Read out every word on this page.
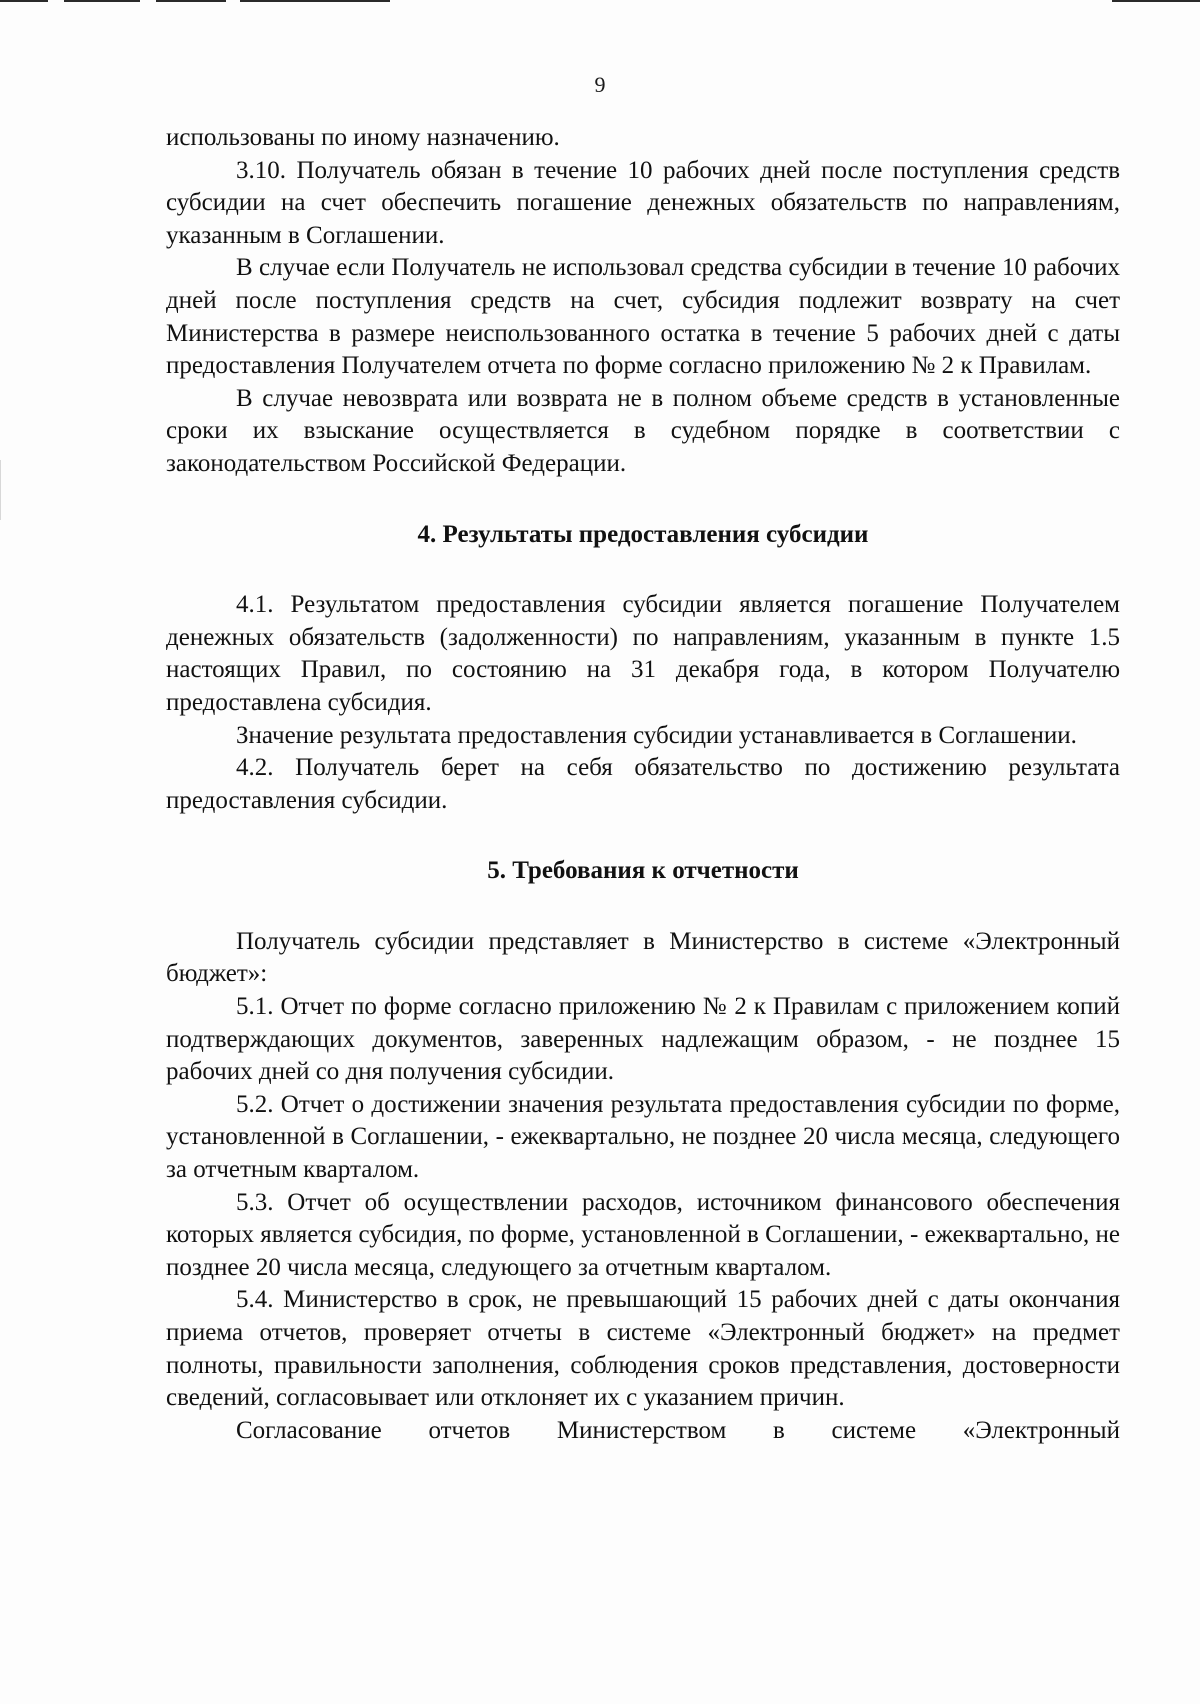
9

использованы по иному назначению.

3.10. Получатель обязан в течение 10 рабочих дней после поступления средств субсидии на счет обеспечить погашение денежных обязательств по направлениям, указанным в Соглашении.

В случае если Получатель не использовал средства субсидии в течение 10 рабочих дней после поступления средств на счет, субсидия подлежит возврату на счет Министерства в размере неиспользованного остатка в течение 5 рабочих дней с даты предоставления Получателем отчета по форме согласно приложению № 2 к Правилам.

В случае невозврата или возврата не в полном объеме средств в установленные сроки их взыскание осуществляется в судебном порядке в соответствии с законодательством Российской Федерации.

4. Результаты предоставления субсидии

4.1. Результатом предоставления субсидии является погашение Получателем денежных обязательств (задолженности) по направлениям, указанным в пункте 1.5 настоящих Правил, по состоянию на 31 декабря года, в котором Получателю предоставлена субсидия.

Значение результата предоставления субсидии устанавливается в Соглашении.

4.2. Получатель берет на себя обязательство по достижению результата предоставления субсидии.

5. Требования к отчетности

Получатель субсидии представляет в Министерство в системе «Электронный бюджет»:

5.1. Отчет по форме согласно приложению № 2 к Правилам с приложением копий подтверждающих документов, заверенных надлежащим образом, - не позднее 15 рабочих дней со дня получения субсидии.

5.2. Отчет о достижении значения результата предоставления субсидии по форме, установленной в Соглашении, - ежеквартально, не позднее 20 числа месяца, следующего за отчетным кварталом.

5.3. Отчет об осуществлении расходов, источником финансового обеспечения которых является субсидия, по форме, установленной в Соглашении, - ежеквартально, не позднее 20 числа месяца, следующего за отчетным кварталом.

5.4. Министерство в срок, не превышающий 15 рабочих дней с даты окончания приема отчетов, проверяет отчеты в системе «Электронный бюджет» на предмет полноты, правильности заполнения, соблюдения сроков представления, достоверности сведений, согласовывает или отклоняет их с указанием причин.

Согласование отчетов Министерством в системе «Электронный
